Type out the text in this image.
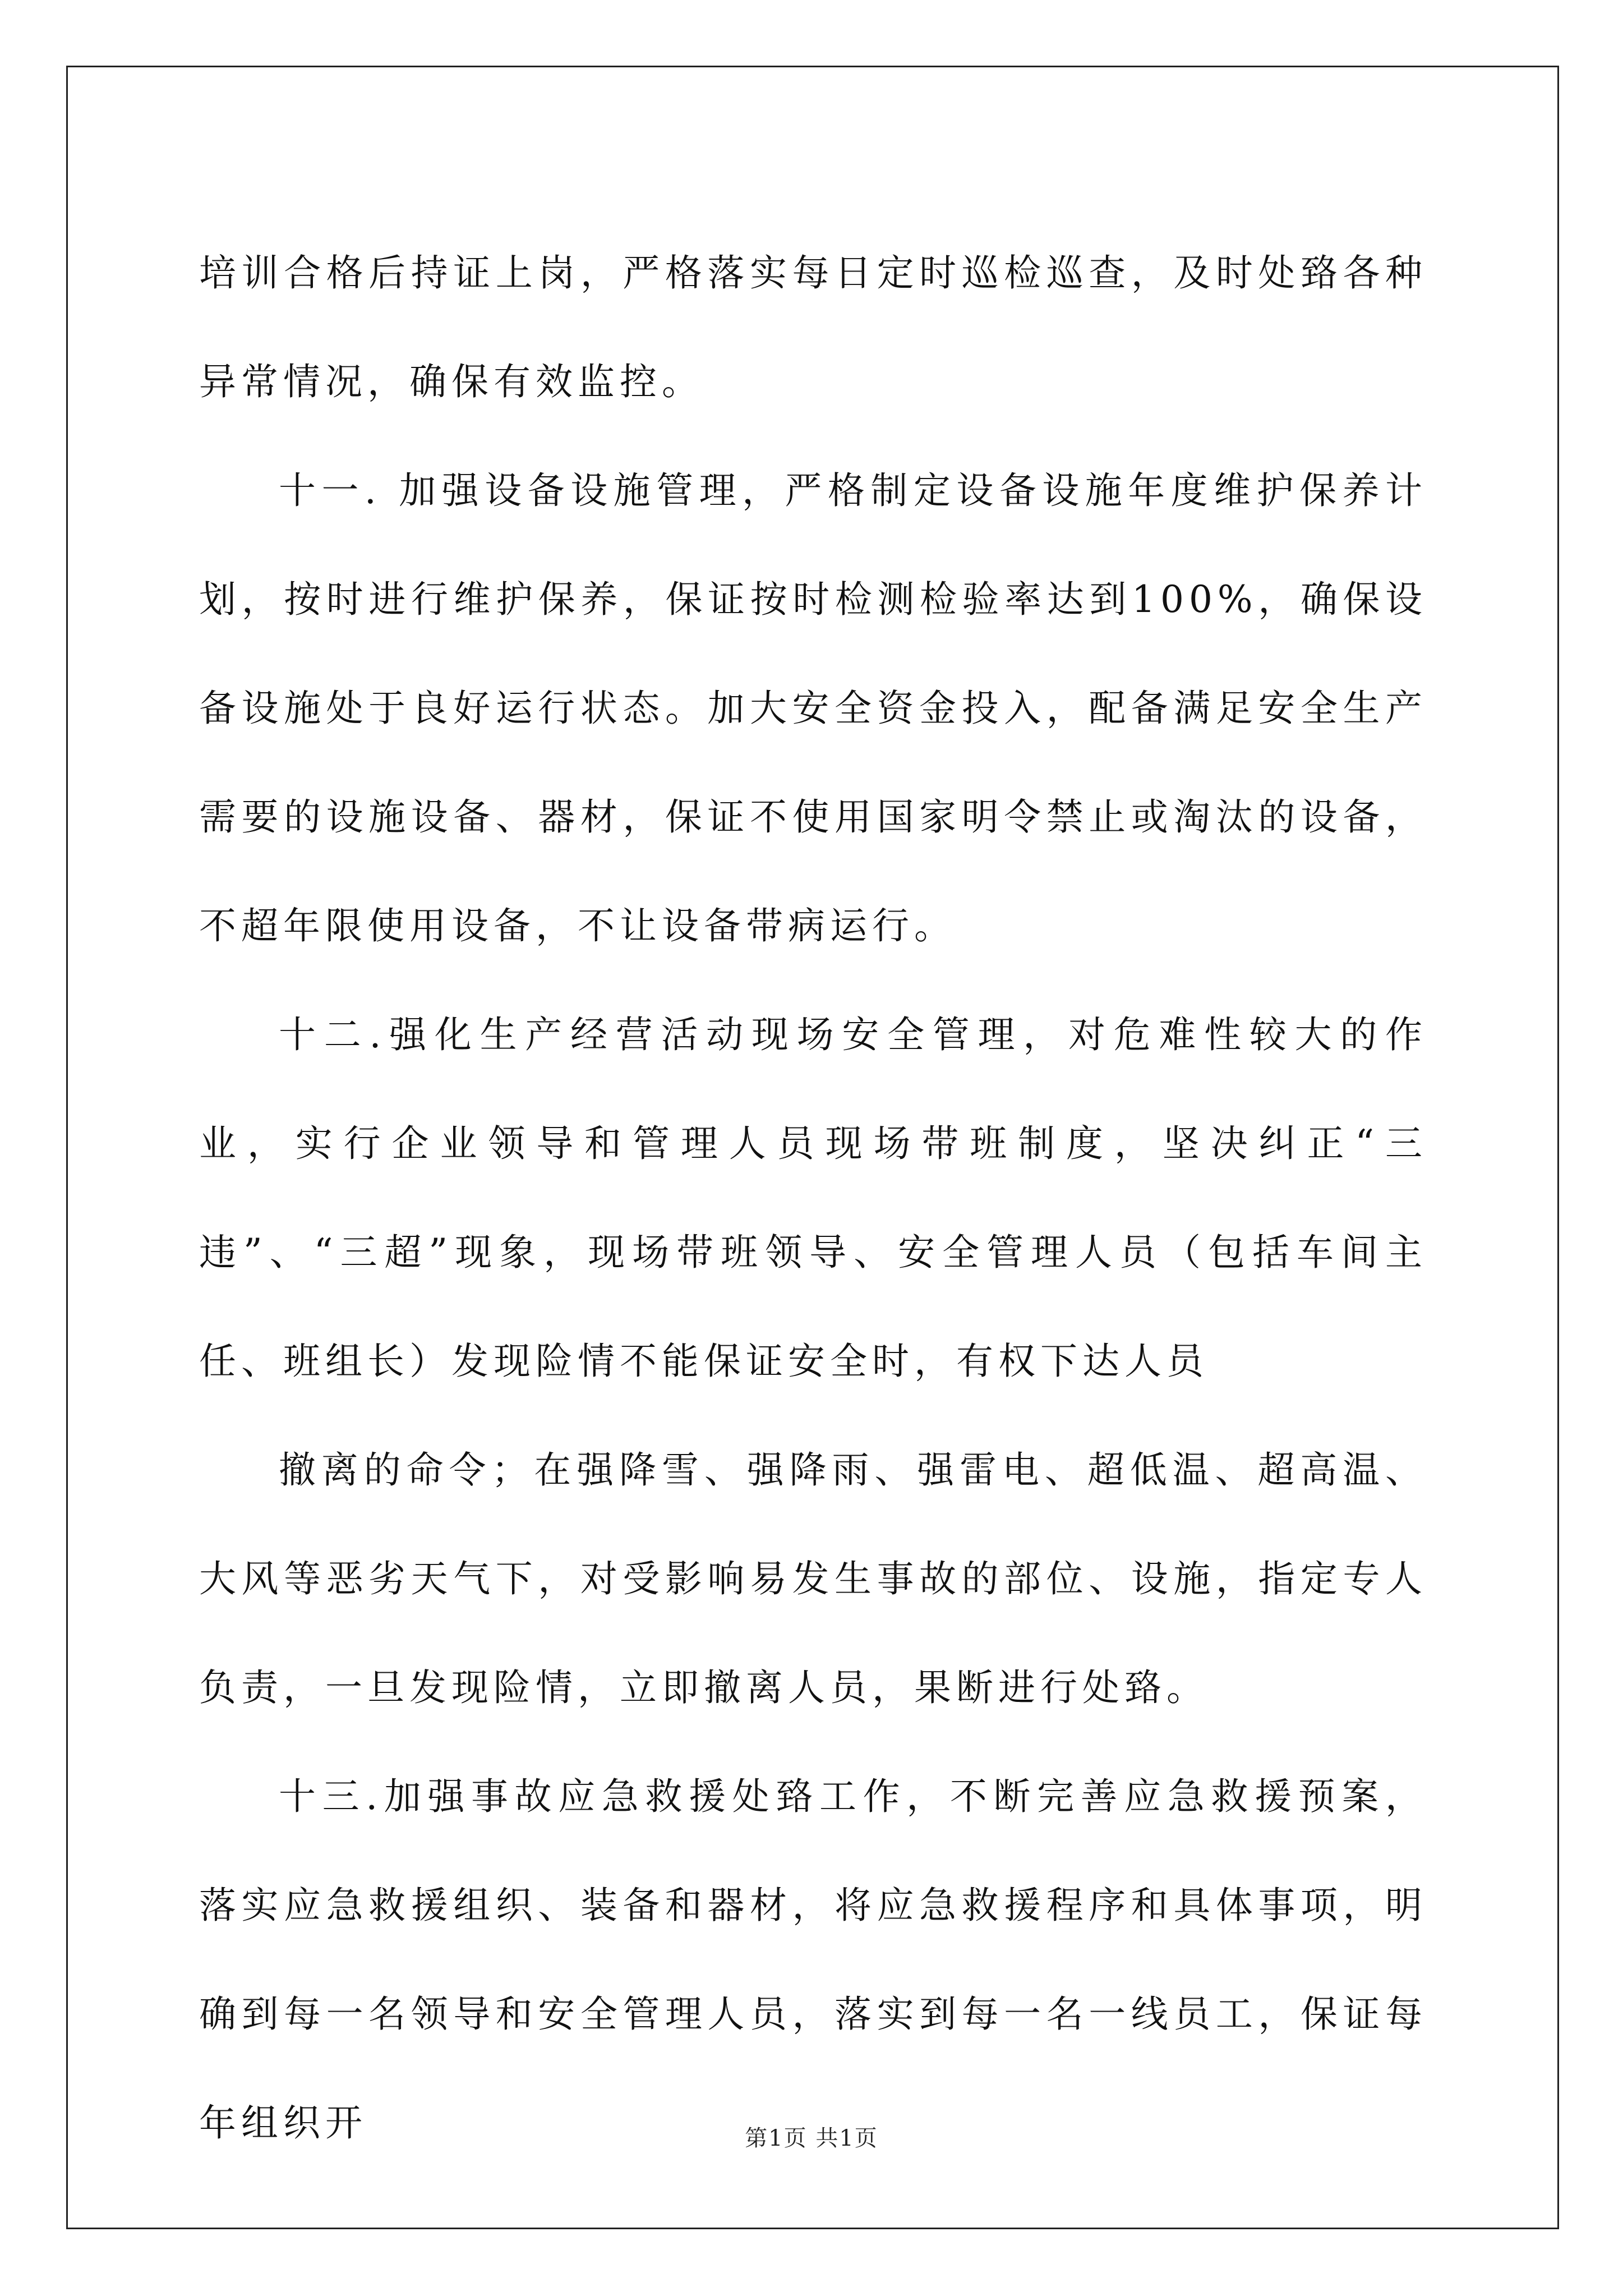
培训合格后持证上岗，严格落实每日定时巡检巡查，及时处臵各种异常情况，确保有效监控。

十一. 加强设备设施管理，严格制定设备设施年度维护保养计划，按时进行维护保养，保证按时检测检验率达到100%，确保设备设施处于良好运行状态。加大安全资金投入，配备满足安全生产需要的设施设备、器材，保证不使用国家明令禁止或淘汰的设备，不超年限使用设备，不让设备带病运行。

十二.强化生产经营活动现场安全管理，对危难性较大的作业，实行企业领导和管理人员现场带班制度，坚决纠正“三违”、“三超”现象，现场带班领导、安全管理人员（包括车间主任、班组长）发现险情不能保证安全时，有权下达人员

撤离的命令；在强降雪、强降雨、强雷电、超低温、超高温、大风等恶劣天气下，对受影响易发生事故的部位、设施，指定专人负责，一旦发现险情，立即撤离人员，果断进行处臵。

十三.加强事故应急救援处臵工作，不断完善应急救援预案，落实应急救援组织、装备和器材，将应急救援程序和具体事项，明确到每一名领导和安全管理人员，落实到每一名一线员工，保证每年组织开	第1页 共1页
